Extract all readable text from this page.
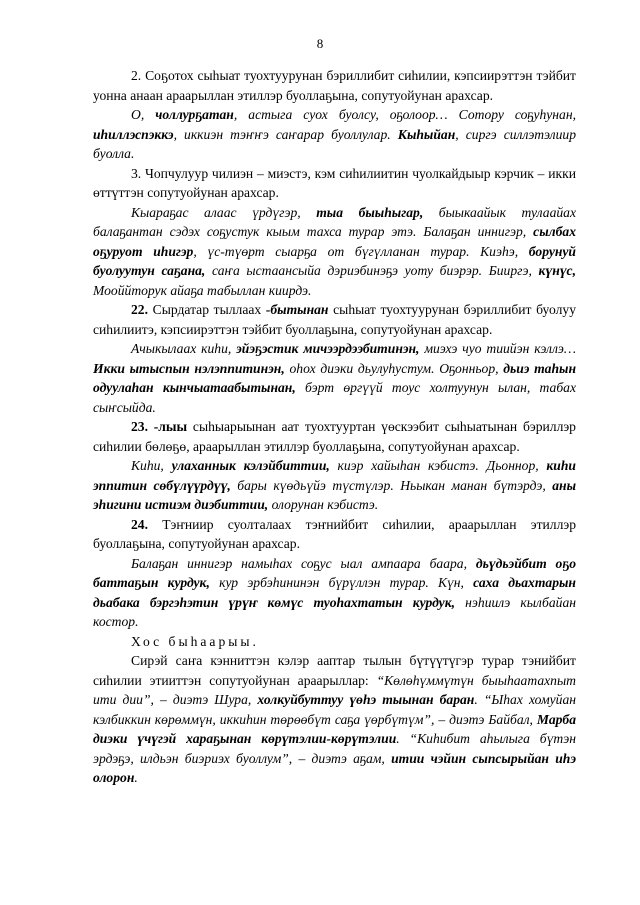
8

2. Соҕотох сыһыат туохтуурунан бэриллибит сиһилии, кэпсиирэттэн тэйбит уонна анаан араарыллан этиллэр буоллаҕына, сопутуойунан арахсар.

О, чоллурҕатан, астыга суох буолсу, оҕолоор… Сотору соҕуһунан, иһиллэспэккэ, иккиэн тэҥҥэ саҥарар буоллулар. Кыһыйан, сиргэ силлэтэлиир буолла.

3. Чопчулуур чилиэн – миэстэ, кэм сиһилиитин чуолкайдыыр кэрчик – икки өттүттэн сопутуойунан арахсар.

Кыараҕас алаас үрдүгэр, тыа быыһыгар, быыкаайык тулаайах балаҕантан сэдэх соҕустук кыым тахса турар этэ. Балаҕан иннигэр, сылбах оҕуруот иһигэр, үс-түөрт сыарҕа от бүгүлланан турар. Киэһэ, борунуй буолуутун саҕана, саҥа ыстаансыйа дэриэбинэҕэ уоту биэрэр. Бииргэ, күнүс, Мооййторук айаҕа табыллан киирдэ.

22. Сырдатар тыллаах -бытынан сыһыат туохтуурунан бэриллибит буолуу сиһилиитэ, кэпсиирэттэн тэйбит буоллаҕына, сопутуойунан арахсар.

Ачыкылаах киһи, эйэҕэстик мичээрдээбитинэн, миэхэ чуо тиийэн кэллэ… Икки ытыспын нэлэппитинэн, оһох диэки дьулуһустум. Оҕонньор, дьиэ таһын одуулаһан кынчыатаабытынан, бэрт өргүүй тоус холтуунун ылан, табах сыҥсыйда.

23. -лыы сыһыарыынан аат туохтууртан үөскээбит сыһыатынан бэриллэр сиһилии бөлөҕө, араарыллан этиллэр буоллаҕына, сопутуойунан арахсар.

Киһи, улаханнык кэлэйбиттии, киэр хайыһан кэбистэ. Дьоннор, киһи эппитин сөбүлүүрдүү, бары күөдьүйэ түстүлэр. Ньыкан манан бүтэрдэ, аны эһигини истиэм диэбиттии, олорунан кэбистэ.

24. Тэҥниир суолталаах тэҥнийбит сиһилии, араарыллан этиллэр буоллаҕына, сопутуойунан арахсар.

Балаҕан иннигэр намыһах соҕус ыал ампаара баара, дьүдьэйбит оҕо баттаҕын курдук, кур эрбэһининэн бүрүллэн турар. Күн, саха дьахтарын дьабака бэргэһэтин үрүҥ көмүс туоһахтатын курдук, нэһиилэ кылбайан костор.

Хос быһаарыы.

Сирэй саҥа кэнниттэн кэлэр ааптар тылын бүтүүтүгэр турар тэнийбит сиһилии этииттэн сопутуойунан араарыллар: “Көлөһүммүтүн быыһаатахпыт ити дии”, – диэтэ Шура, холкуйбуттуу үөһэ тыынан баран. “Ыһах хомуйан кэлбиккин көрөммүн, иккиһин төрөөбүт саҕа үөрбүтүм”, – диэтэ Байбал, Марба диэки үчүгэй хараҕынан көрүтэлии-көрүтэлии. “Киһибит аһылыга бүтэн эрдэҕэ, илдьэн биэриэх буоллум”, – диэтэ аҕам, итии чэйин сыпсырыйан иһэ олорон.
